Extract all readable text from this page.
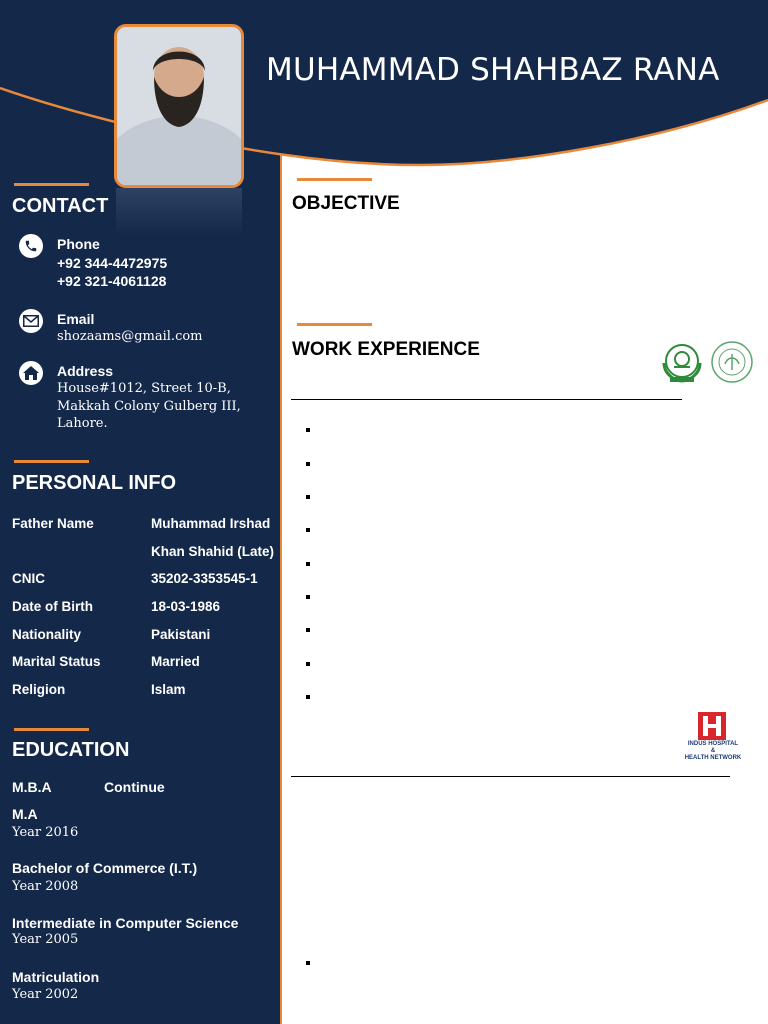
MUHAMMAD SHAHBAZ RANA
CONTACT
Phone
+92 344-4472975
+92 321-4061128
Email
shozaams@gmail.com
Address
House#1012, Street 10-B,
Makkah Colony Gulberg III,
Lahore.
PERSONAL INFO
Father Name	Muhammad Irshad
Khan Shahid (Late)
CNIC	35202-3353545-1
Date of Birth	18-03-1986
Nationality	Pakistani
Marital Status	Married
Religion	Islam
EDUCATION
M.B.A	Continue
M.A
Year 2016
Bachelor of Commerce (I.T.)
Year 2008
Intermediate in Computer Science
Year 2005
Matriculation
Year 2002
OBJECTIVE
WORK EXPERIENCE
INDUS HOSPITAL
&
HEALTH NETWORK
